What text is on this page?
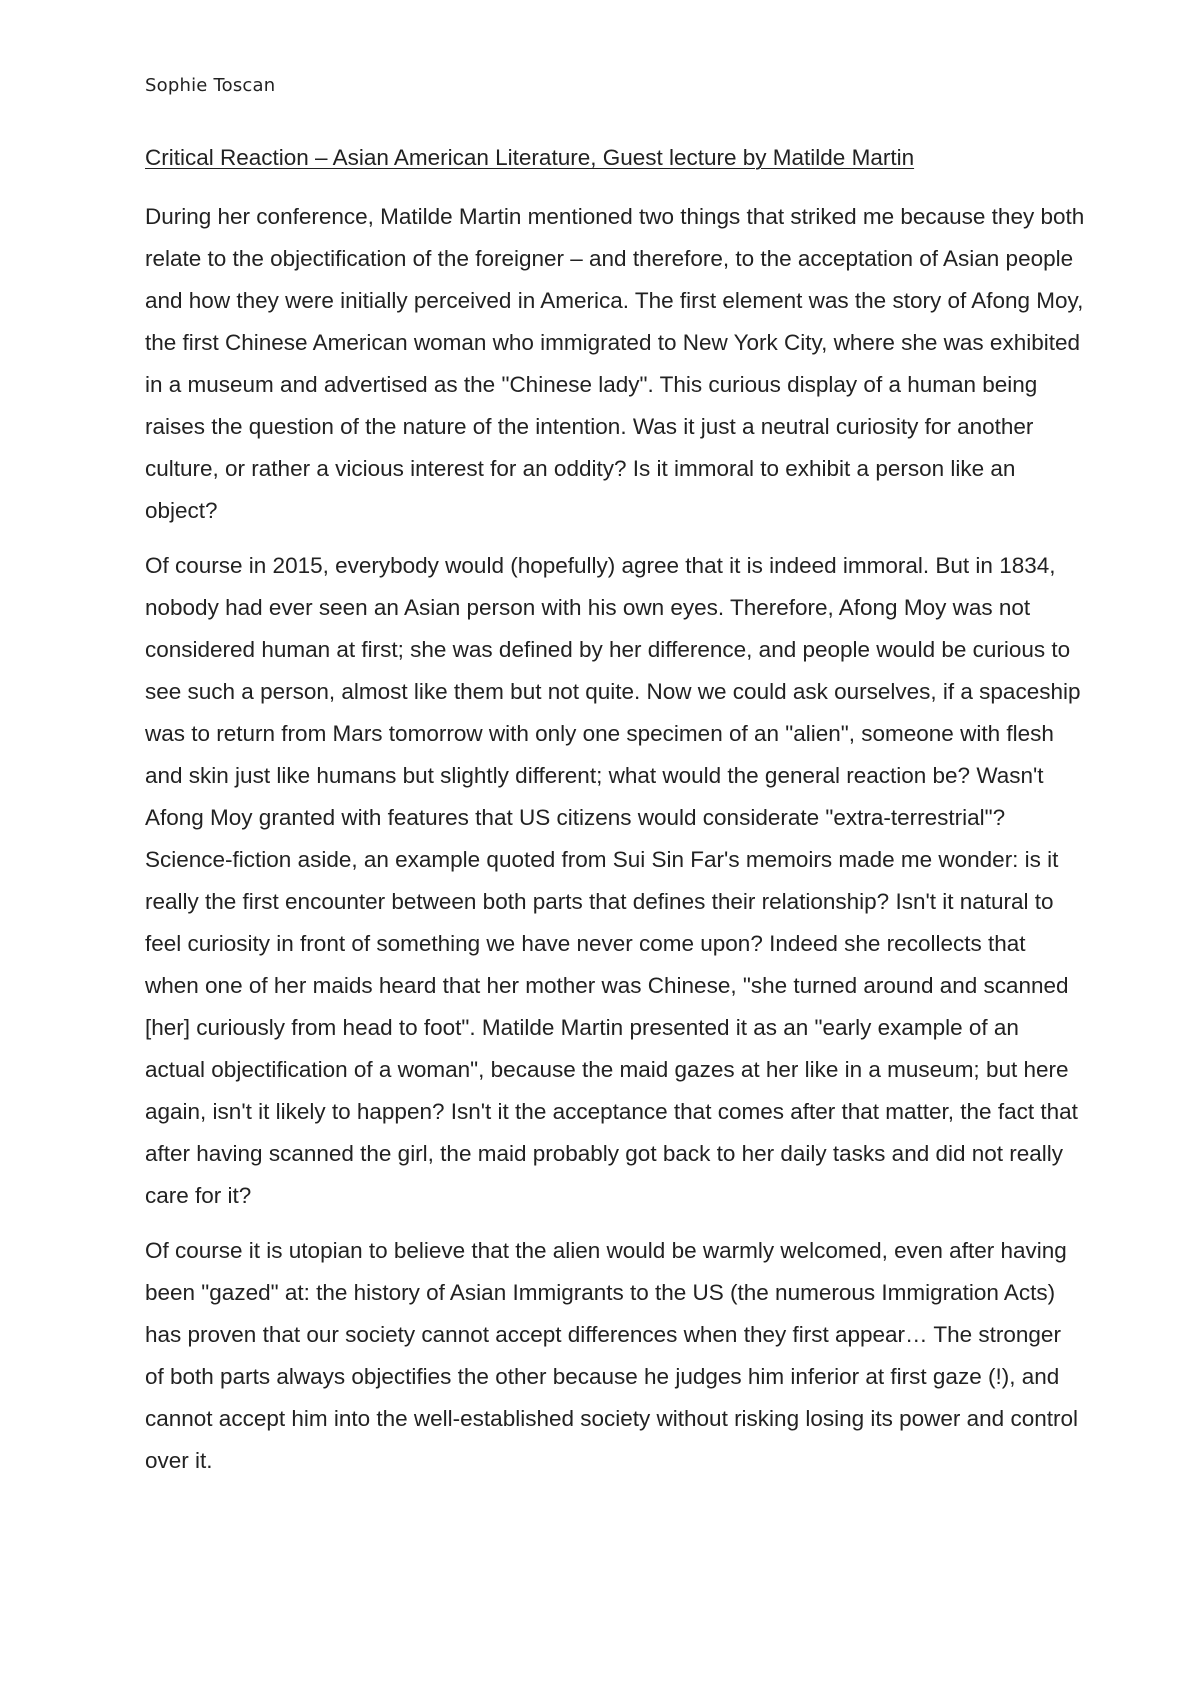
Sophie Toscan

Critical Reaction – Asian American Literature, Guest lecture by Matilde Martin

During her conference, Matilde Martin mentioned two things that striked me because they both relate to the objectification of the foreigner – and therefore, to the acceptation of Asian people and how they were initially perceived in America. The first element was the story of Afong Moy, the first Chinese American woman who immigrated to New York City, where she was exhibited in a museum and advertised as the "Chinese lady". This curious display of a human being raises the question of the nature of the intention. Was it just a neutral curiosity for another culture, or rather a vicious interest for an oddity? Is it immoral to exhibit a person like an object?

Of course in 2015, everybody would (hopefully) agree that it is indeed immoral. But in 1834, nobody had ever seen an Asian person with his own eyes. Therefore, Afong Moy was not considered human at first; she was defined by her difference, and people would be curious to see such a person, almost like them but not quite. Now we could ask ourselves, if a spaceship was to return from Mars tomorrow with only one specimen of an "alien", someone with flesh and skin just like humans but slightly different; what would the general reaction be? Wasn't Afong Moy granted with features that US citizens would considerate "extra-terrestrial"? Science-fiction aside, an example quoted from Sui Sin Far's memoirs made me wonder: is it really the first encounter between both parts that defines their relationship? Isn't it natural to feel curiosity in front of something we have never come upon? Indeed she recollects that when one of her maids heard that her mother was Chinese, "she turned around and scanned [her] curiously from head to foot". Matilde Martin presented it as an "early example of an actual objectification of a woman", because the maid gazes at her like in a museum; but here again, isn't it likely to happen? Isn't it the acceptance that comes after that matter, the fact that after having scanned the girl, the maid probably got back to her daily tasks and did not really care for it?

Of course it is utopian to believe that the alien would be warmly welcomed, even after having been "gazed" at: the history of Asian Immigrants to the US (the numerous Immigration Acts) has proven that our society cannot accept differences when they first appear… The stronger of both parts always objectifies the other because he judges him inferior at first gaze (!), and cannot accept him into the well-established society without risking losing its power and control over it.
